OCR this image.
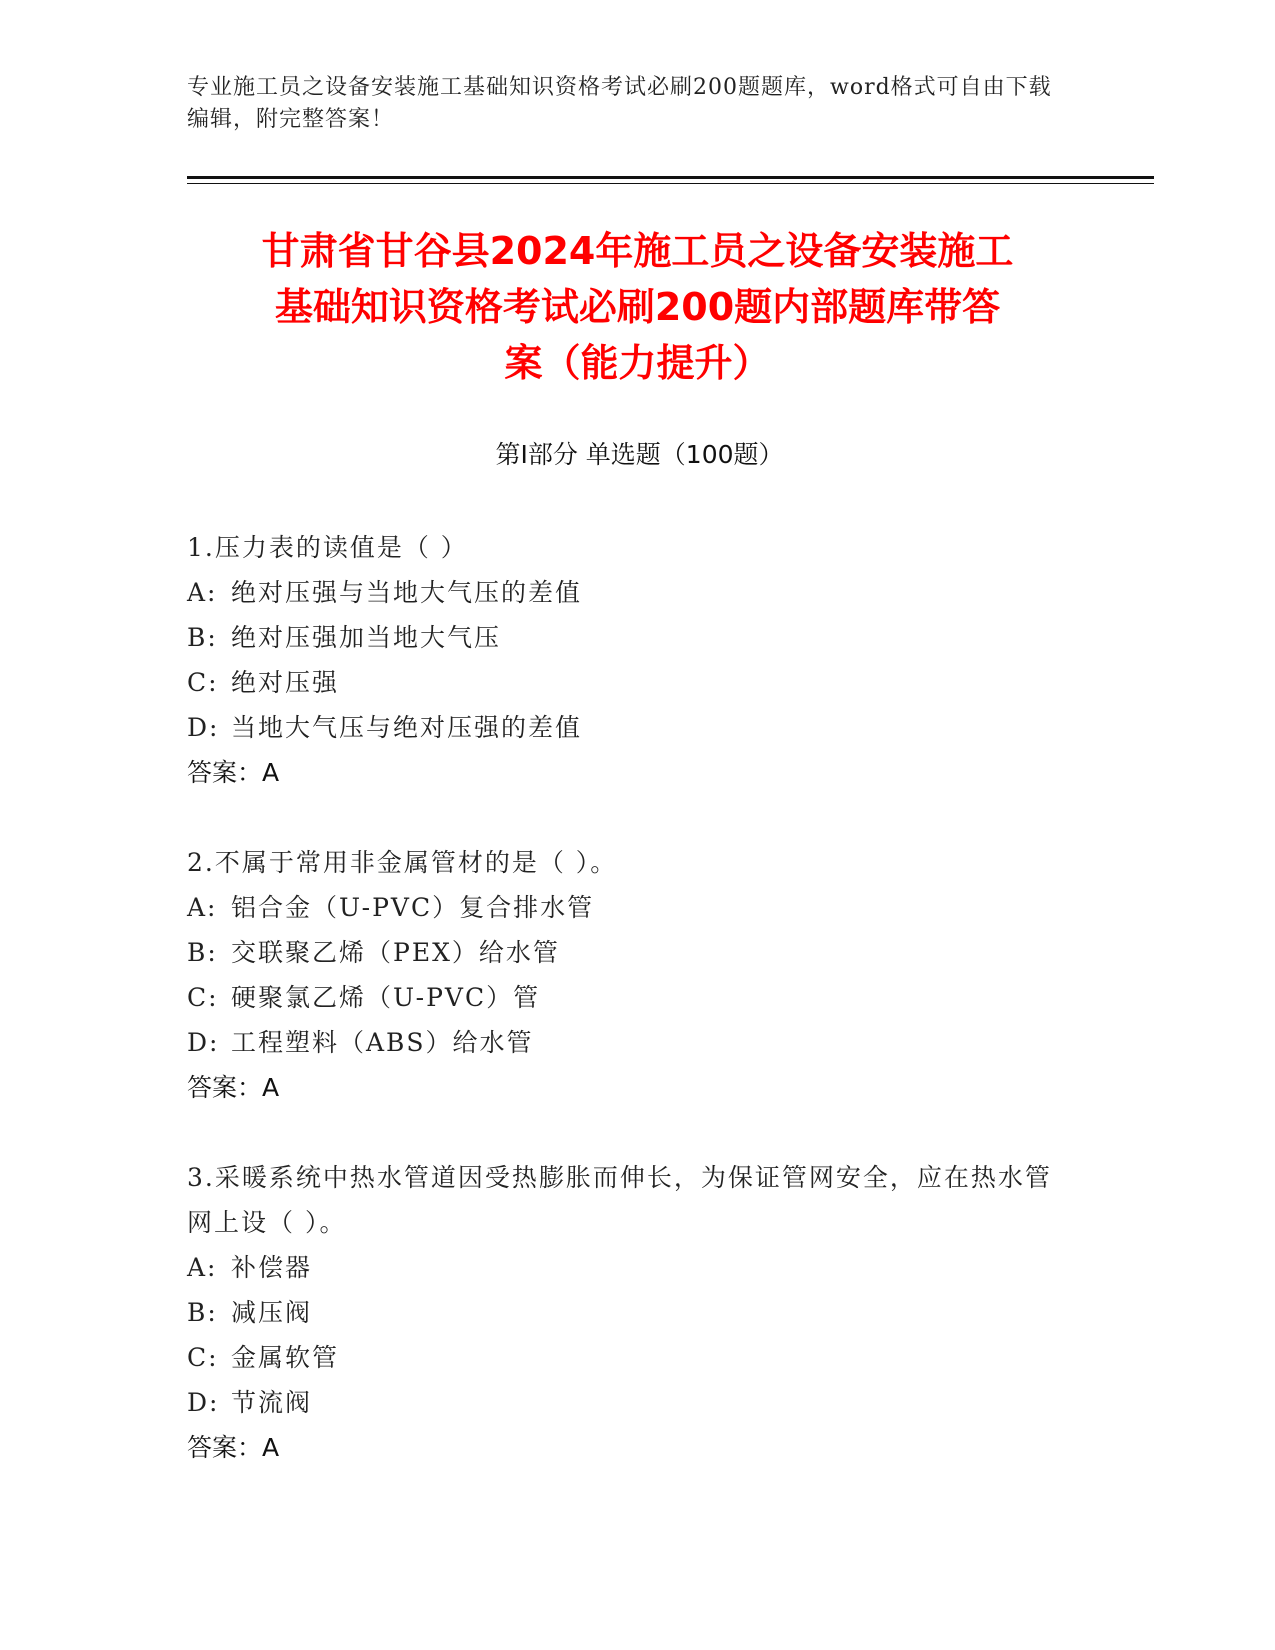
专业施工员之设备安装施工基础知识资格考试必刷200题题库，word格式可自由下载编辑，附完整答案！
甘肃省甘谷县2024年施工员之设备安装施工
基础知识资格考试必刷200题内部题库带答
案（能力提升）
第Ⅰ部分 单选题（100题）
1.压力表的读值是（ ）
A: 绝对压强与当地大气压的差值
B: 绝对压强加当地大气压
C: 绝对压强
D: 当地大气压与绝对压强的差值
答案：A
2.不属于常用非金属管材的是（ ）。
A: 铝合金（U-PVC）复合排水管
B: 交联聚乙烯（PEX）给水管
C: 硬聚氯乙烯（U-PVC）管
D: 工程塑料（ABS）给水管
答案：A
3.采暖系统中热水管道因受热膨胀而伸长，为保证管网安全，应在热水管网上设（ ）。
A: 补偿器
B: 减压阀
C: 金属软管
D: 节流阀
答案：A
